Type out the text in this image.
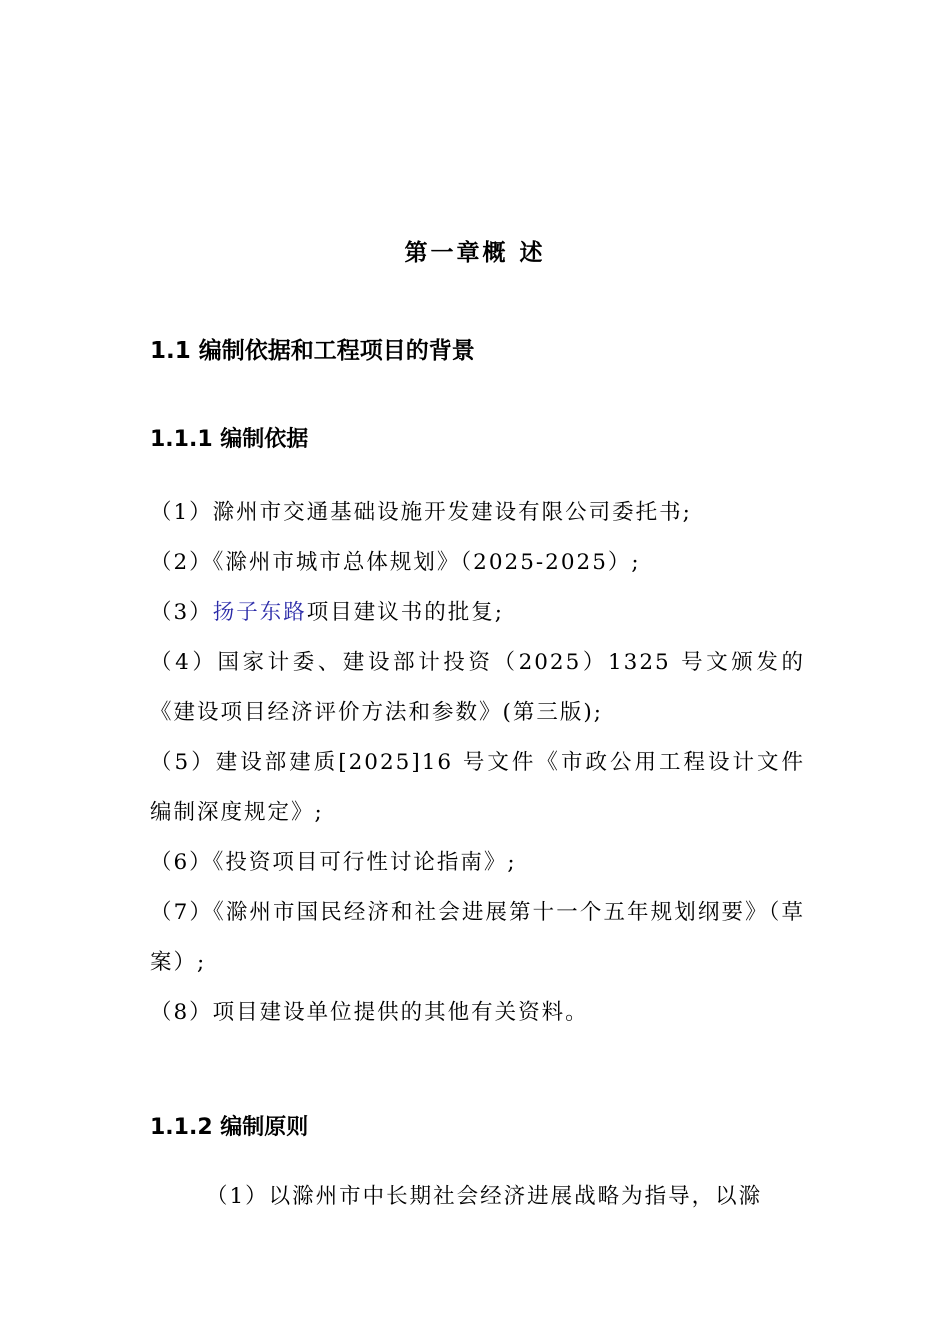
第一章概 述
1.1 编制依据和工程项目的背景
1.1.1 编制依据

（1）滁州市交通基础设施开发建设有限公司委托书;

（2）《滁州市城市总体规划》（2025-2025）;

（3）扬子东路项目建议书的批复;

（4）国家计委、建设部计投资（2025）1325 号文颁发的《建设项目经济评价方法和参数》(第三版);

（5）建设部建质[2025]16 号文件《市政公用工程设计文件编制深度规定》;

（6）《投资项目可行性讨论指南》;

（7）《滁州市国民经济和社会进展第十一个五年规划纲要》（草案）;

（8）项目建设单位提供的其他有关资料。

1.1.2 编制原则
（1）以滁州市中长期社会经济进展战略为指导，以滁
